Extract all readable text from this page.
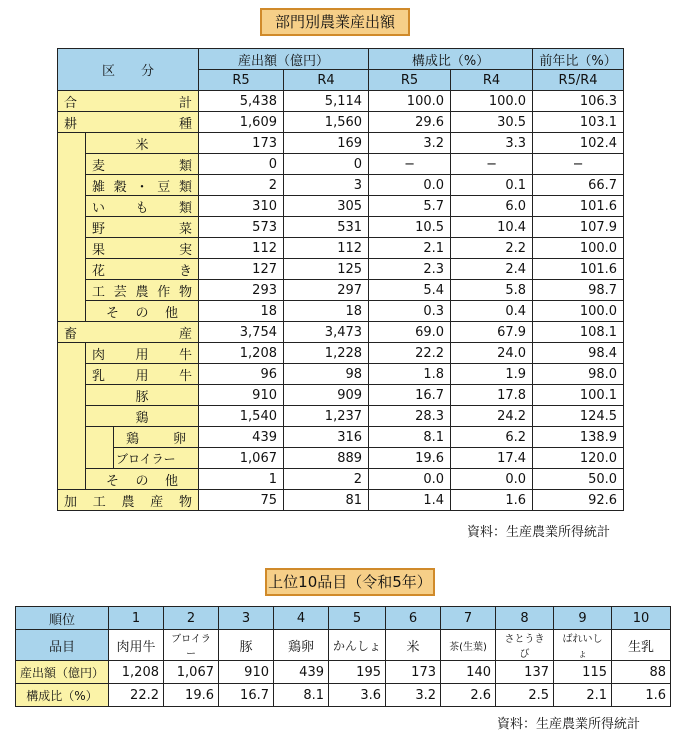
部門別農業産出額
区　　分			産出額（億円）		構成比（%）		前年比（%）
			R5	R4	R5	R4	R5/R4

合 計			5,438	5,114	100.0	100.0	106.3

耕 種			1,609	1,560	29.6	30.5	103.1
	米		173	169	3.2	3.3	102.4

	麦 類		0	0	−	−	−

	雑 穀 ・ 豆 類		2	3	0.0	0.1	66.7

	い も 類		310	305	5.7	6.0	101.6

	野 菜		573	531	10.5	10.4	107.9

	果 実		112	112	2.1	2.2	100.0

	花 き		127	125	2.3	2.4	101.6

	工 芸 農 作 物		293	297	5.4	5.8	98.7

	そ の 他		18	18	0.3	0.4	100.0

畜 産			3,754	3,473	69.0	67.9	108.1

	肉 用 牛		1,208	1,228	22.2	24.0	98.4

	乳 用 牛		96	98	1.8	1.9	98.0
	豚		910	909	16.7	17.8	100.1
	鶏		1,540	1,237	28.3	24.2	124.5

		鶏 卵	439	316	8.1	6.2	138.9
		ブロイラー	1,067	889	19.6	17.4	120.0

	そ の 他		1	2	0.0	0.0	50.0

加 工 農 産 物			75	81	1.4	1.6	92.6
資料：生産農業所得統計
上位10品目（令和5年）
順位	1	2	3	4	5	6	7	8	9	10
品目	肉用牛	ブロイラー	豚	鶏卵	かんしょ	米	茶(生葉)	さとうきび	ばれいしょ	生乳
産出額（億円）	1,208	1,067	910	439	195	173	140	137	115	88
構成比（%）	22.2	19.6	16.7	8.1	3.6	3.2	2.6	2.5	2.1	1.6
資料：生産農業所得統計
